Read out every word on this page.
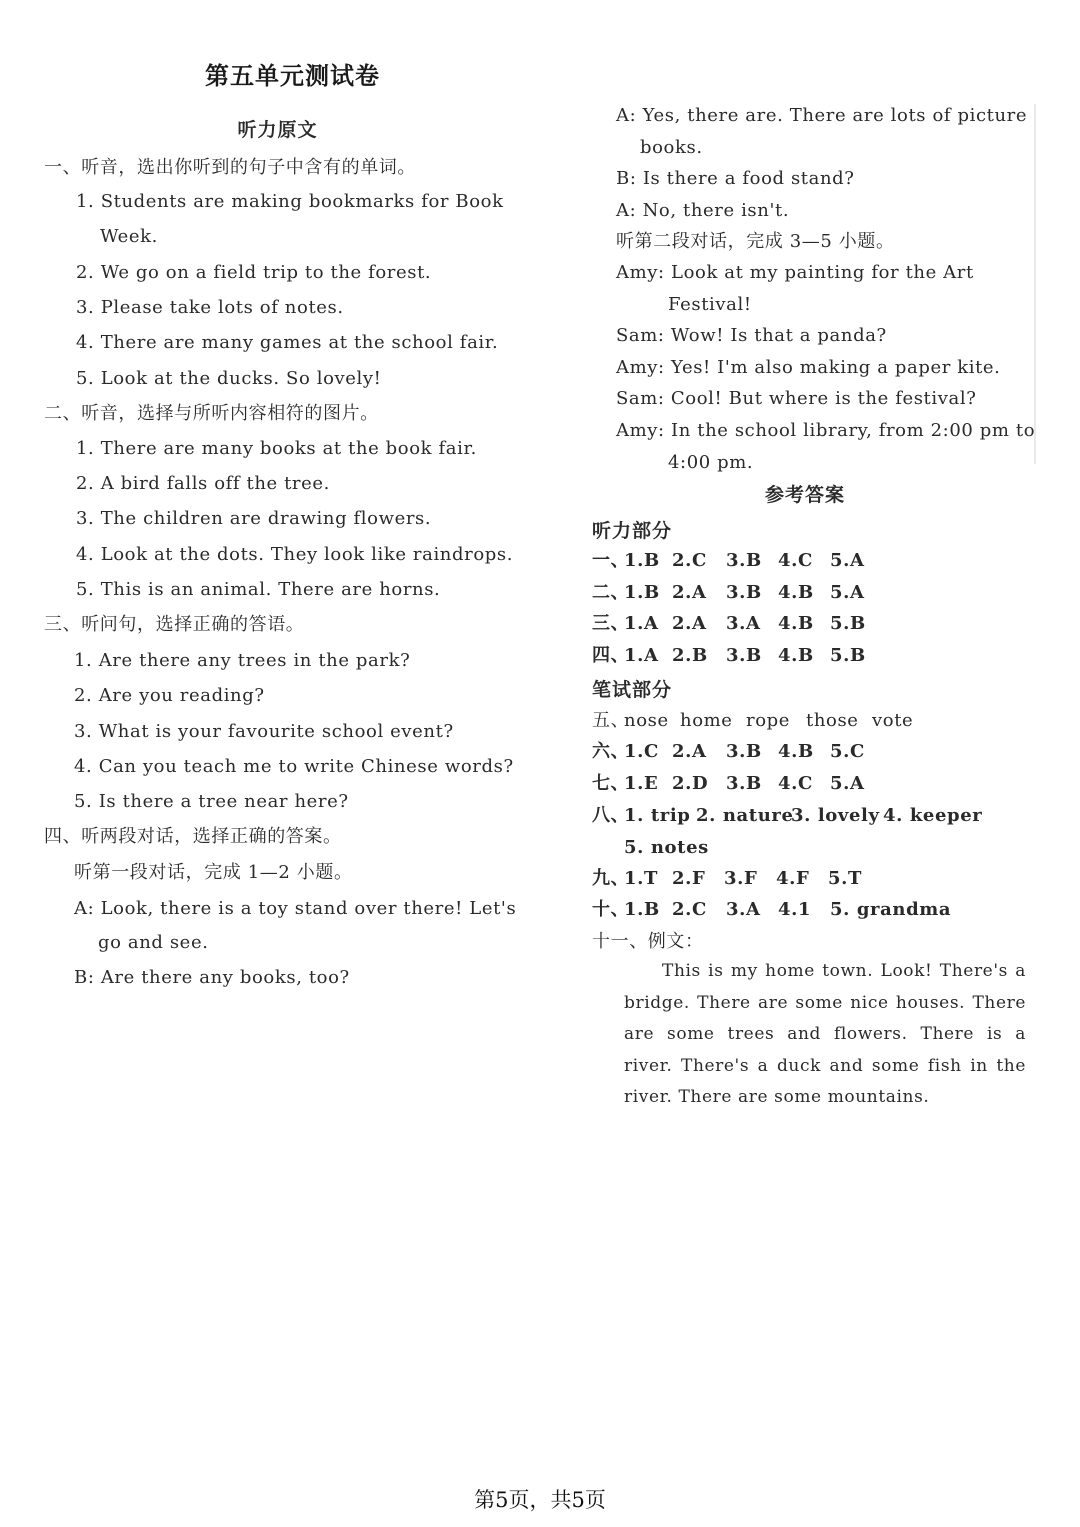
第五单元测试卷
听力原文
一、听音，选出你听到的句子中含有的单词。
1. Students are making bookmarks for Book
Week.
2. We go on a field trip to the forest.
3. Please take lots of notes.
4. There are many games at the school fair.
5. Look at the ducks. So lovely!
二、听音，选择与所听内容相符的图片。
1. There are many books at the book fair.
2. A bird falls off the tree.
3. The children are drawing flowers.
4. Look at the dots. They look like raindrops.
5. This is an animal. There are horns.
三、听问句，选择正确的答语。
1. Are there any trees in the park?
2. Are you reading?
3. What is your favourite school event?
4. Can you teach me to write Chinese words?
5. Is there a tree near here?
四、听两段对话，选择正确的答案。
听第一段对话，完成 1—2 小题。
A: Look, there is a toy stand over there! Let's
go and see.
B: Are there any books, too?
A: Yes, there are. There are lots of picture
books.
B: Is there a food stand?
A: No, there isn't.
听第二段对话，完成 3—5 小题。
Amy: Look at my painting for the Art
Festival!
Sam: Wow! Is that a panda?
Amy: Yes! I'm also making a paper kite.
Sam: Cool! But where is the festival?
Amy: In the school library, from 2:00 pm to
4:00 pm.
参考答案
听力部分
一、1.B 2.C 3.B 4.C 5.A
二、1.B 2.A 3.B 4.B 5.A
三、1.A 2.A 3.A 4.B 5.B
四、1.A 2.B 3.B 4.B 5.B
笔试部分
五、nose home rope those vote
六、1.C 2.A 3.B 4.B 5.C
七、1.E 2.D 3.B 4.C 5.A
八、1. trip 2. nature3. lovely 4. keeper
5. notes
九、1.T 2.F 3.F 4.F 5.T
十、1.B 2.C 3.A 4.1 5. grandma
十一、例文：

This is my home town. Look! There's a bridge. There are some nice houses. There are some trees and flowers. There is a river. There's a duck and some fish in the river. There are some mountains.

第5页，共5页
